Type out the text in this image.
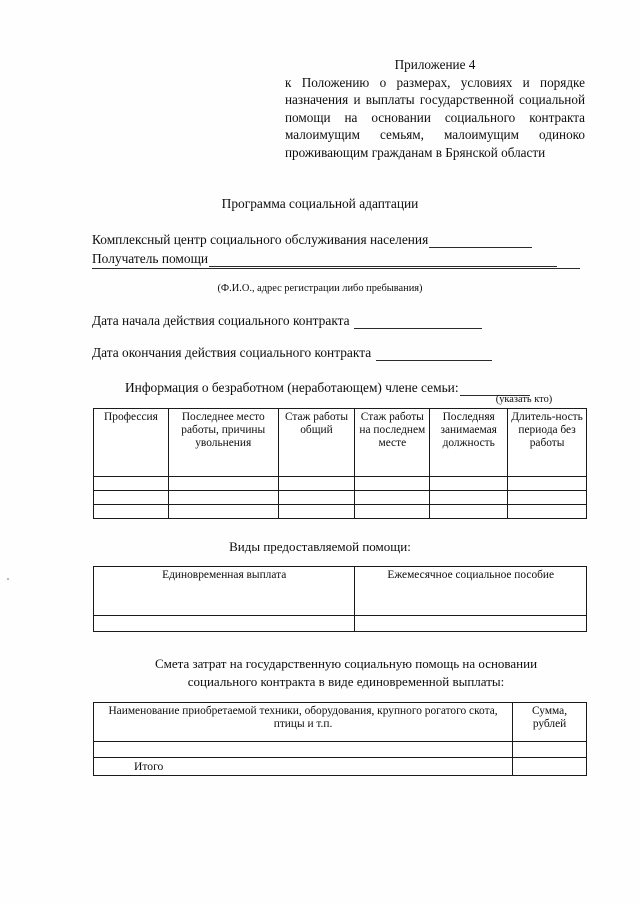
Приложение 4
к Положению о размерах, условиях и порядке назначения и выплаты государственной социальной помощи на основании социального контракта малоимущим семьям, малоимущим одиноко проживающим гражданам в Брянской области
Программа социальной адаптации
Комплексный центр социального обслуживания населения
Получатель помощи
(Ф.И.О., адрес регистрации либо пребывания)
Дата начала действия социального контракта
Дата окончания действия социального контракта
Информация о безработном (неработающем) члене семьи:
(указать кто)
Профессия	Последнее место работы, причины увольнения	Стаж работы общий	Стаж работы на последнем месте	Последняя занимаемая должность	Длитель-ность периода без работы

Виды предоставляемой помощи:
Единовременная выплата	Ежемесячное социальное пособие

Смета затрат на государственную социальную помощь на основании
социального контракта в виде единовременной выплаты:
Наименование приобретаемой техники, оборудования, крупного рогатого скота, птицы и т.п.	Сумма, рублей

Итого	
